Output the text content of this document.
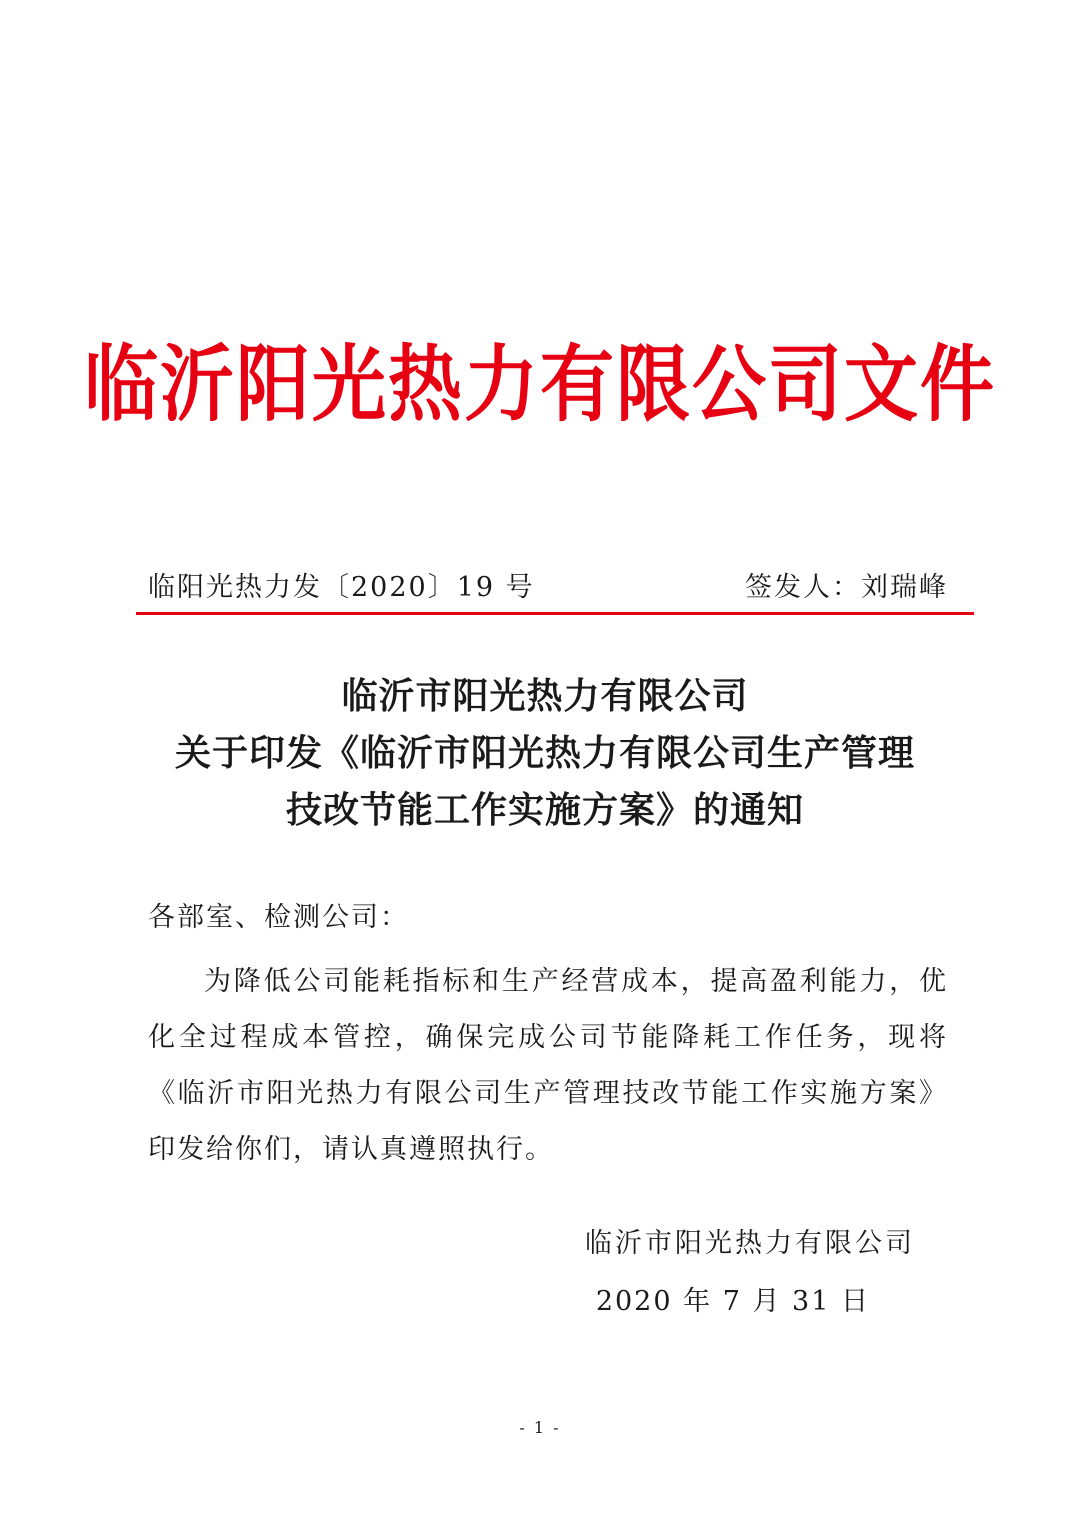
临沂阳光热力有限公司文件
临阳光热力发〔2020〕19 号	签发人：刘瑞峰
临沂市阳光热力有限公司
关于印发《临沂市阳光热力有限公司生产管理
技改节能工作实施方案》的通知
各部室、检测公司：
为降低公司能耗指标和生产经营成本，提高盈利能力，优化全过程成本管控，确保完成公司节能降耗工作任务，现将《临沂市阳光热力有限公司生产管理技改节能工作实施方案》印发给你们，请认真遵照执行。
临沂市阳光热力有限公司
2020 年 7 月 31 日
- 1 -
